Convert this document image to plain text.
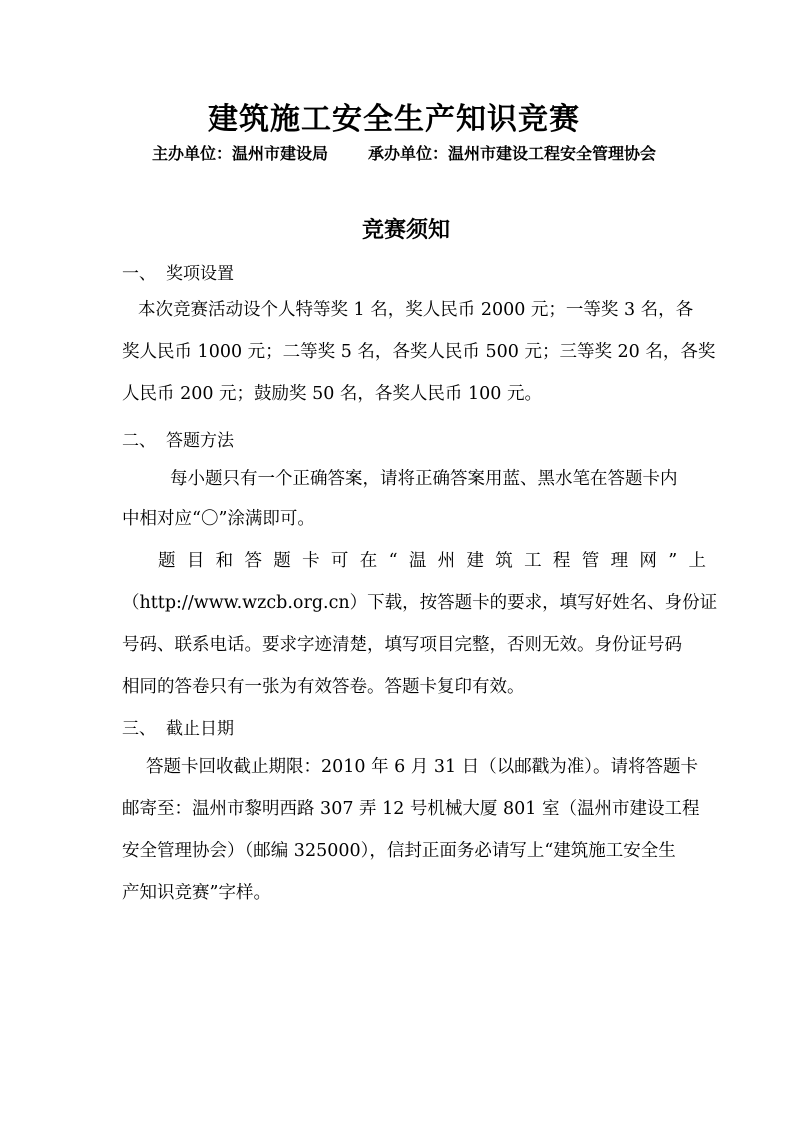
建筑施工安全生产知识竞赛
主办单位：温州市建设局	承办单位：温州市建设工程安全管理协会
竞赛须知
一、 奖项设置
本次竞赛活动设个人特等奖 1 名，奖人民币 2000 元；一等奖 3 名，各
奖人民币 1000 元；二等奖 5 名，各奖人民币 500 元；三等奖 20 名，各奖
人民币 200 元；鼓励奖 50 名，各奖人民币 100 元。
二、 答题方法
每小题只有一个正确答案，请将正确答案用蓝、黑水笔在答题卡内
中相对应“〇”涂满即可。
题目和答题卡可在“温州建筑工程管理网”上
（http://www.wzcb.org.cn）下载，按答题卡的要求，填写好姓名、身份证
号码、联系电话。要求字迹清楚，填写项目完整，否则无效。身份证号码
相同的答卷只有一张为有效答卷。答题卡复印有效。
三、 截止日期
答题卡回收截止期限：2010 年 6 月 31 日（以邮戳为准）。请将答题卡
邮寄至：温州市黎明西路 307 弄 12 号机械大厦 801 室（温州市建设工程
安全管理协会）（邮编 325000），信封正面务必请写上“建筑施工安全生
产知识竞赛”字样。
